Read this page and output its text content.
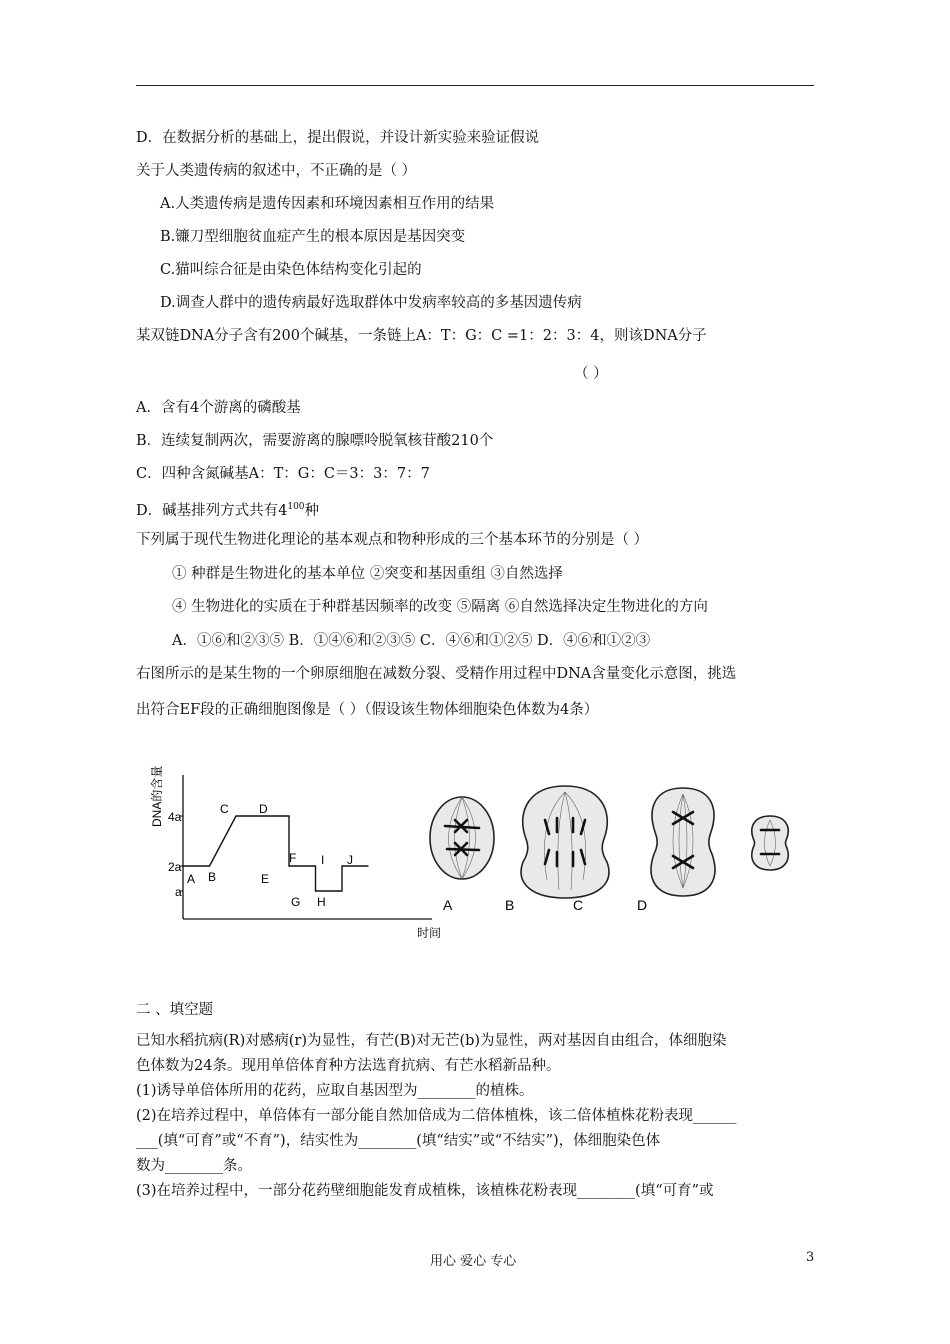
D．在数据分析的基础上，提出假说，并设计新实验来验证假说
关于人类遗传病的叙述中，不正确的是（ ）
A.人类遗传病是遗传因素和环境因素相互作用的结果
B.镰刀型细胞贫血症产生的根本原因是基因突变
C.猫叫综合征是由染色体结构变化引起的
D.调查人群中的遗传病最好选取群体中发病率较高的多基因遗传病
某双链DNA分子含有200个碱基，一条链上A：T：G：C =1：2：3：4，则该DNA分子
（ ）
A．含有4个游离的磷酸基
B．连续复制两次，需要游离的腺嘌呤脱氧核苷酸210个
C．四种含氮碱基A：T：G：C＝3：3：7：7
D．碱基排列方式共有$4^{100}$种
下列属于现代生物进化理论的基本观点和物种形成的三个基本环节的分别是（ ）
① 种群是生物进化的基本单位 ②突变和基因重组 ③自然选择
④ 生物进化的实质在于种群基因频率的改变 ⑤隔离 ⑥自然选择决定生物进化的方向
A．①⑥和②③⑤ B．①④⑥和②③⑤ C．④⑥和①②⑤ D．④⑥和①②③
右图所示的是某生物的一个卵原细胞在减数分裂、受精作用过程中DNA含量变化示意图，挑选
出符合EF段的正确细胞图像是（ ）（假设该生物体细胞染色体数为4条）
DNA的含量
时间
4a
2a
a
A B
C	D
E
F
G H
I J
A	B	C	D
二 、填空题
已知水稻抗病(R)对感病(r)为显性，有芒(B)对无芒(b)为显性，两对基因自由组合，体细胞染
色体数为24条。现用单倍体育种方法选育抗病、有芒水稻新品种。
(1)诱导单倍体所用的花药，应取自基因型为________的植株。
(2)在培养过程中，单倍体有一部分能自然加倍成为二倍体植株，该二倍体植株花粉表现______
___(填“可育”或“不育”)，结实性为________(填“结实”或“不结实”)，体细胞染色体
数为________条。
(3)在培养过程中，一部分花药壁细胞能发育成植株，该植株花粉表现________(填“可育”或
用心 爱心 专心	3
